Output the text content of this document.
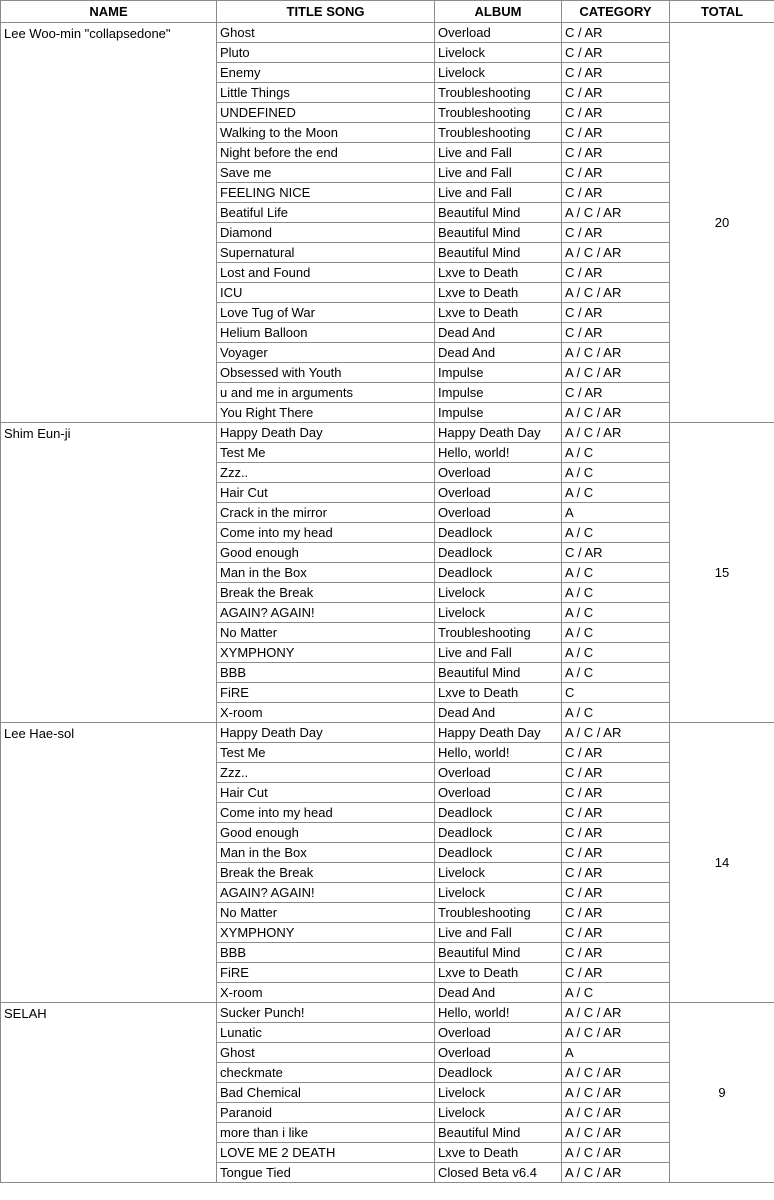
NAME	TITLE SONG	ALBUM	CATEGORY	TOTAL
Lee Woo-min "collapsedone"	Ghost	Overload	C / AR	20
	Pluto	Livelock	C / AR	
	Enemy	Livelock	C / AR	
	Little Things	Troubleshooting	C / AR	
	UNDEFINED	Troubleshooting	C / AR	
	Walking to the Moon	Troubleshooting	C / AR	
	Night before the end	Live and Fall	C / AR	
	Save me	Live and Fall	C / AR	
	FEELING NICE	Live and Fall	C / AR	
	Beatiful Life	Beautiful Mind	A / C / AR	
	Diamond	Beautiful Mind	C / AR	
	Supernatural	Beautiful Mind	A / C / AR	
	Lost and Found	Lxve to Death	C / AR	
	ICU	Lxve to Death	A / C / AR	
	Love Tug of War	Lxve to Death	C / AR	
	Helium Balloon	Dead And	C / AR	
	Voyager	Dead And	A / C / AR	
	Obsessed with Youth	Impulse	A / C / AR	
	u and me in arguments	Impulse	C / AR	
	You Right There	Impulse	A / C / AR	
Shim Eun-ji	Happy Death Day	Happy Death Day	A / C / AR	15
	Test Me	Hello, world!	A / C	
	Zzz..	Overload	A / C	
	Hair Cut	Overload	A / C	
	Crack in the mirror	Overload	A	
	Come into my head	Deadlock	A / C	
	Good enough	Deadlock	C / AR	
	Man in the Box	Deadlock	A / C	
	Break the Break	Livelock	A / C	
	AGAIN? AGAIN!	Livelock	A / C	
	No Matter	Troubleshooting	A / C	
	XYMPHONY	Live and Fall	A / C	
	BBB	Beautiful Mind	A / C	
	FiRE	Lxve to Death	C	
	X-room	Dead And	A / C	
Lee Hae-sol	Happy Death Day	Happy Death Day	A / C / AR	14
	Test Me	Hello, world!	C / AR	
	Zzz..	Overload	C / AR	
	Hair Cut	Overload	C / AR	
	Come into my head	Deadlock	C / AR	
	Good enough	Deadlock	C / AR	
	Man in the Box	Deadlock	C / AR	
	Break the Break	Livelock	C / AR	
	AGAIN? AGAIN!	Livelock	C / AR	
	No Matter	Troubleshooting	C / AR	
	XYMPHONY	Live and Fall	C / AR	
	BBB	Beautiful Mind	C / AR	
	FiRE	Lxve to Death	C / AR	
	X-room	Dead And	A / C	
SELAH	Sucker Punch!	Hello, world!	A / C / AR	9
	Lunatic	Overload	A / C / AR	
	Ghost	Overload	A	
	checkmate	Deadlock	A / C / AR	
	Bad Chemical	Livelock	A / C / AR	
	Paranoid	Livelock	A / C / AR	
	more than i like	Beautiful Mind	A / C / AR	
	LOVE ME 2 DEATH	Lxve to Death	A / C / AR	
	Tongue Tied	Closed Beta v6.4	A / C / AR	
